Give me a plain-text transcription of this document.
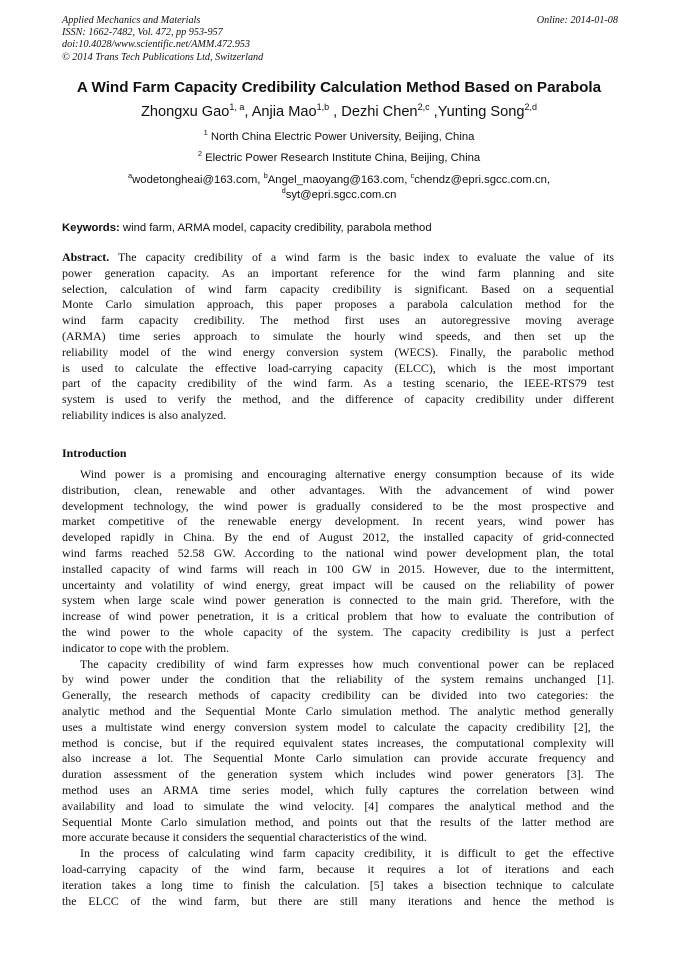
Applied Mechanics and Materials
ISSN: 1662-7482, Vol. 472, pp 953-957
doi:10.4028/www.scientific.net/AMM.472.953
© 2014 Trans Tech Publications Ltd, Switzerland
Online: 2014-01-08
A Wind Farm Capacity Credibility Calculation Method Based on Parabola
Zhongxu Gao$^{1, a}$, Anjia Mao$^{1,b}$ , Dezhi Chen$^{2,c}$ ,Yunting Song$^{2,d}$
$^1$ North China Electric Power University, Beijing, China
$^2$ Electric Power Research Institute China, Beijing, China
$^a$wodetongheai@163.com, $^b$Angel_maoyang@163.com, $^c$chendz@epri.sgcc.com.cn,
$^d$syt@epri.sgcc.com.cn
Keywords: wind farm, ARMA model, capacity credibility, parabola method
Abstract. The capacity credibility of a wind farm is the basic index to evaluate the value of its
power generation capacity. As an important reference for the wind farm planning and site
selection, calculation of wind farm capacity credibility is significant. Based on a sequential
Monte Carlo simulation approach, this paper proposes a parabola calculation method for the
wind farm capacity credibility. The method first uses an autoregressive moving average
(ARMA) time series approach to simulate the hourly wind speeds, and then set up the
reliability model of the wind energy conversion system (WECS). Finally, the parabolic method
is used to calculate the effective load-carrying capacity (ELCC), which is the most important
part of the capacity credibility of the wind farm. As a testing scenario, the IEEE-RTS79 test
system is used to verify the method, and the difference of capacity credibility under different
reliability indices is also analyzed.
Introduction
Wind power is a promising and encouraging alternative energy consumption because of its wide
distribution, clean, renewable and other advantages. With the advancement of wind power
development technology, the wind power is gradually considered to be the most prospective and
market competitive of the renewable energy development. In recent years, wind power has
developed rapidly in China. By the end of August 2012, the installed capacity of grid-connected
wind farms reached 52.58 GW. According to the national wind power development plan, the total
installed capacity of wind farms will reach in 100 GW in 2015. However, due to the intermittent,
uncertainty and volatility of wind energy, great impact will be caused on the reliability of power
system when large scale wind power generation is connected to the main grid. Therefore, with the
increase of wind power penetration, it is a critical problem that how to evaluate the contribution of
the wind power to the whole capacity of the system. The capacity credibility is just a perfect
indicator to cope with the problem.
The capacity credibility of wind farm expresses how much conventional power can be replaced
by wind power under the condition that the reliability of the system remains unchanged [1].
Generally, the research methods of capacity credibility can be divided into two categories: the
analytic method and the Sequential Monte Carlo simulation method. The analytic method generally
uses a multistate wind energy conversion system model to calculate the capacity credibility [2], the
method is concise, but if the required equivalent states increases, the computational complexity will
also increase a lot. The Sequential Monte Carlo simulation can provide accurate frequency and
duration assessment of the generation system which includes wind power generators [3]. The
method uses an ARMA time series model, which fully captures the correlation between wind
availability and load to simulate the wind velocity. [4] compares the analytical method and the
Sequential Monte Carlo simulation method, and points out that the results of the latter method are
more accurate because it considers the sequential characteristics of the wind.
In the process of calculating wind farm capacity credibility, it is difficult to get the effective
load-carrying capacity of the wind farm, because it requires a lot of iterations and each
iteration takes a long time to finish the calculation. [5] takes a bisection technique to calculate
the ELCC of the wind farm, but there are still many iterations and hence the method is
